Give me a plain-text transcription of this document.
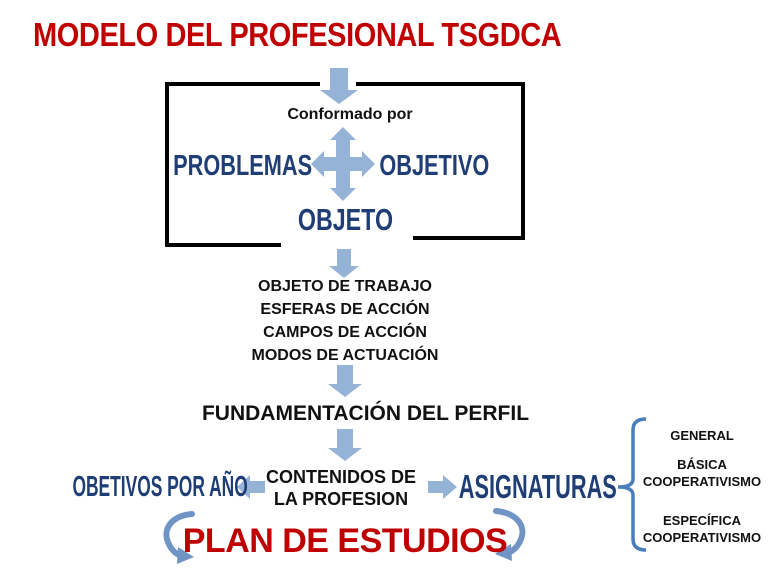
MODELO DEL PROFESIONAL TSGDCA
Conformado por
PROBLEMAS OBJETIVO
OBJETO
OBJETO DE TRABAJO
ESFERAS DE ACCIÓN
CAMPOS DE ACCIÓN
MODOS DE ACTUACIÓN
FUNDAMENTACIÓN DEL PERFIL
OBETIVOS POR AÑO CONTENIDOS DE
LA PROFESION ASIGNATURAS
GENERAL
BÁSICA
COOPERATIVISMO
ESPECÍFICA
COOPERATIVISMO
PLAN DE ESTUDIOS
